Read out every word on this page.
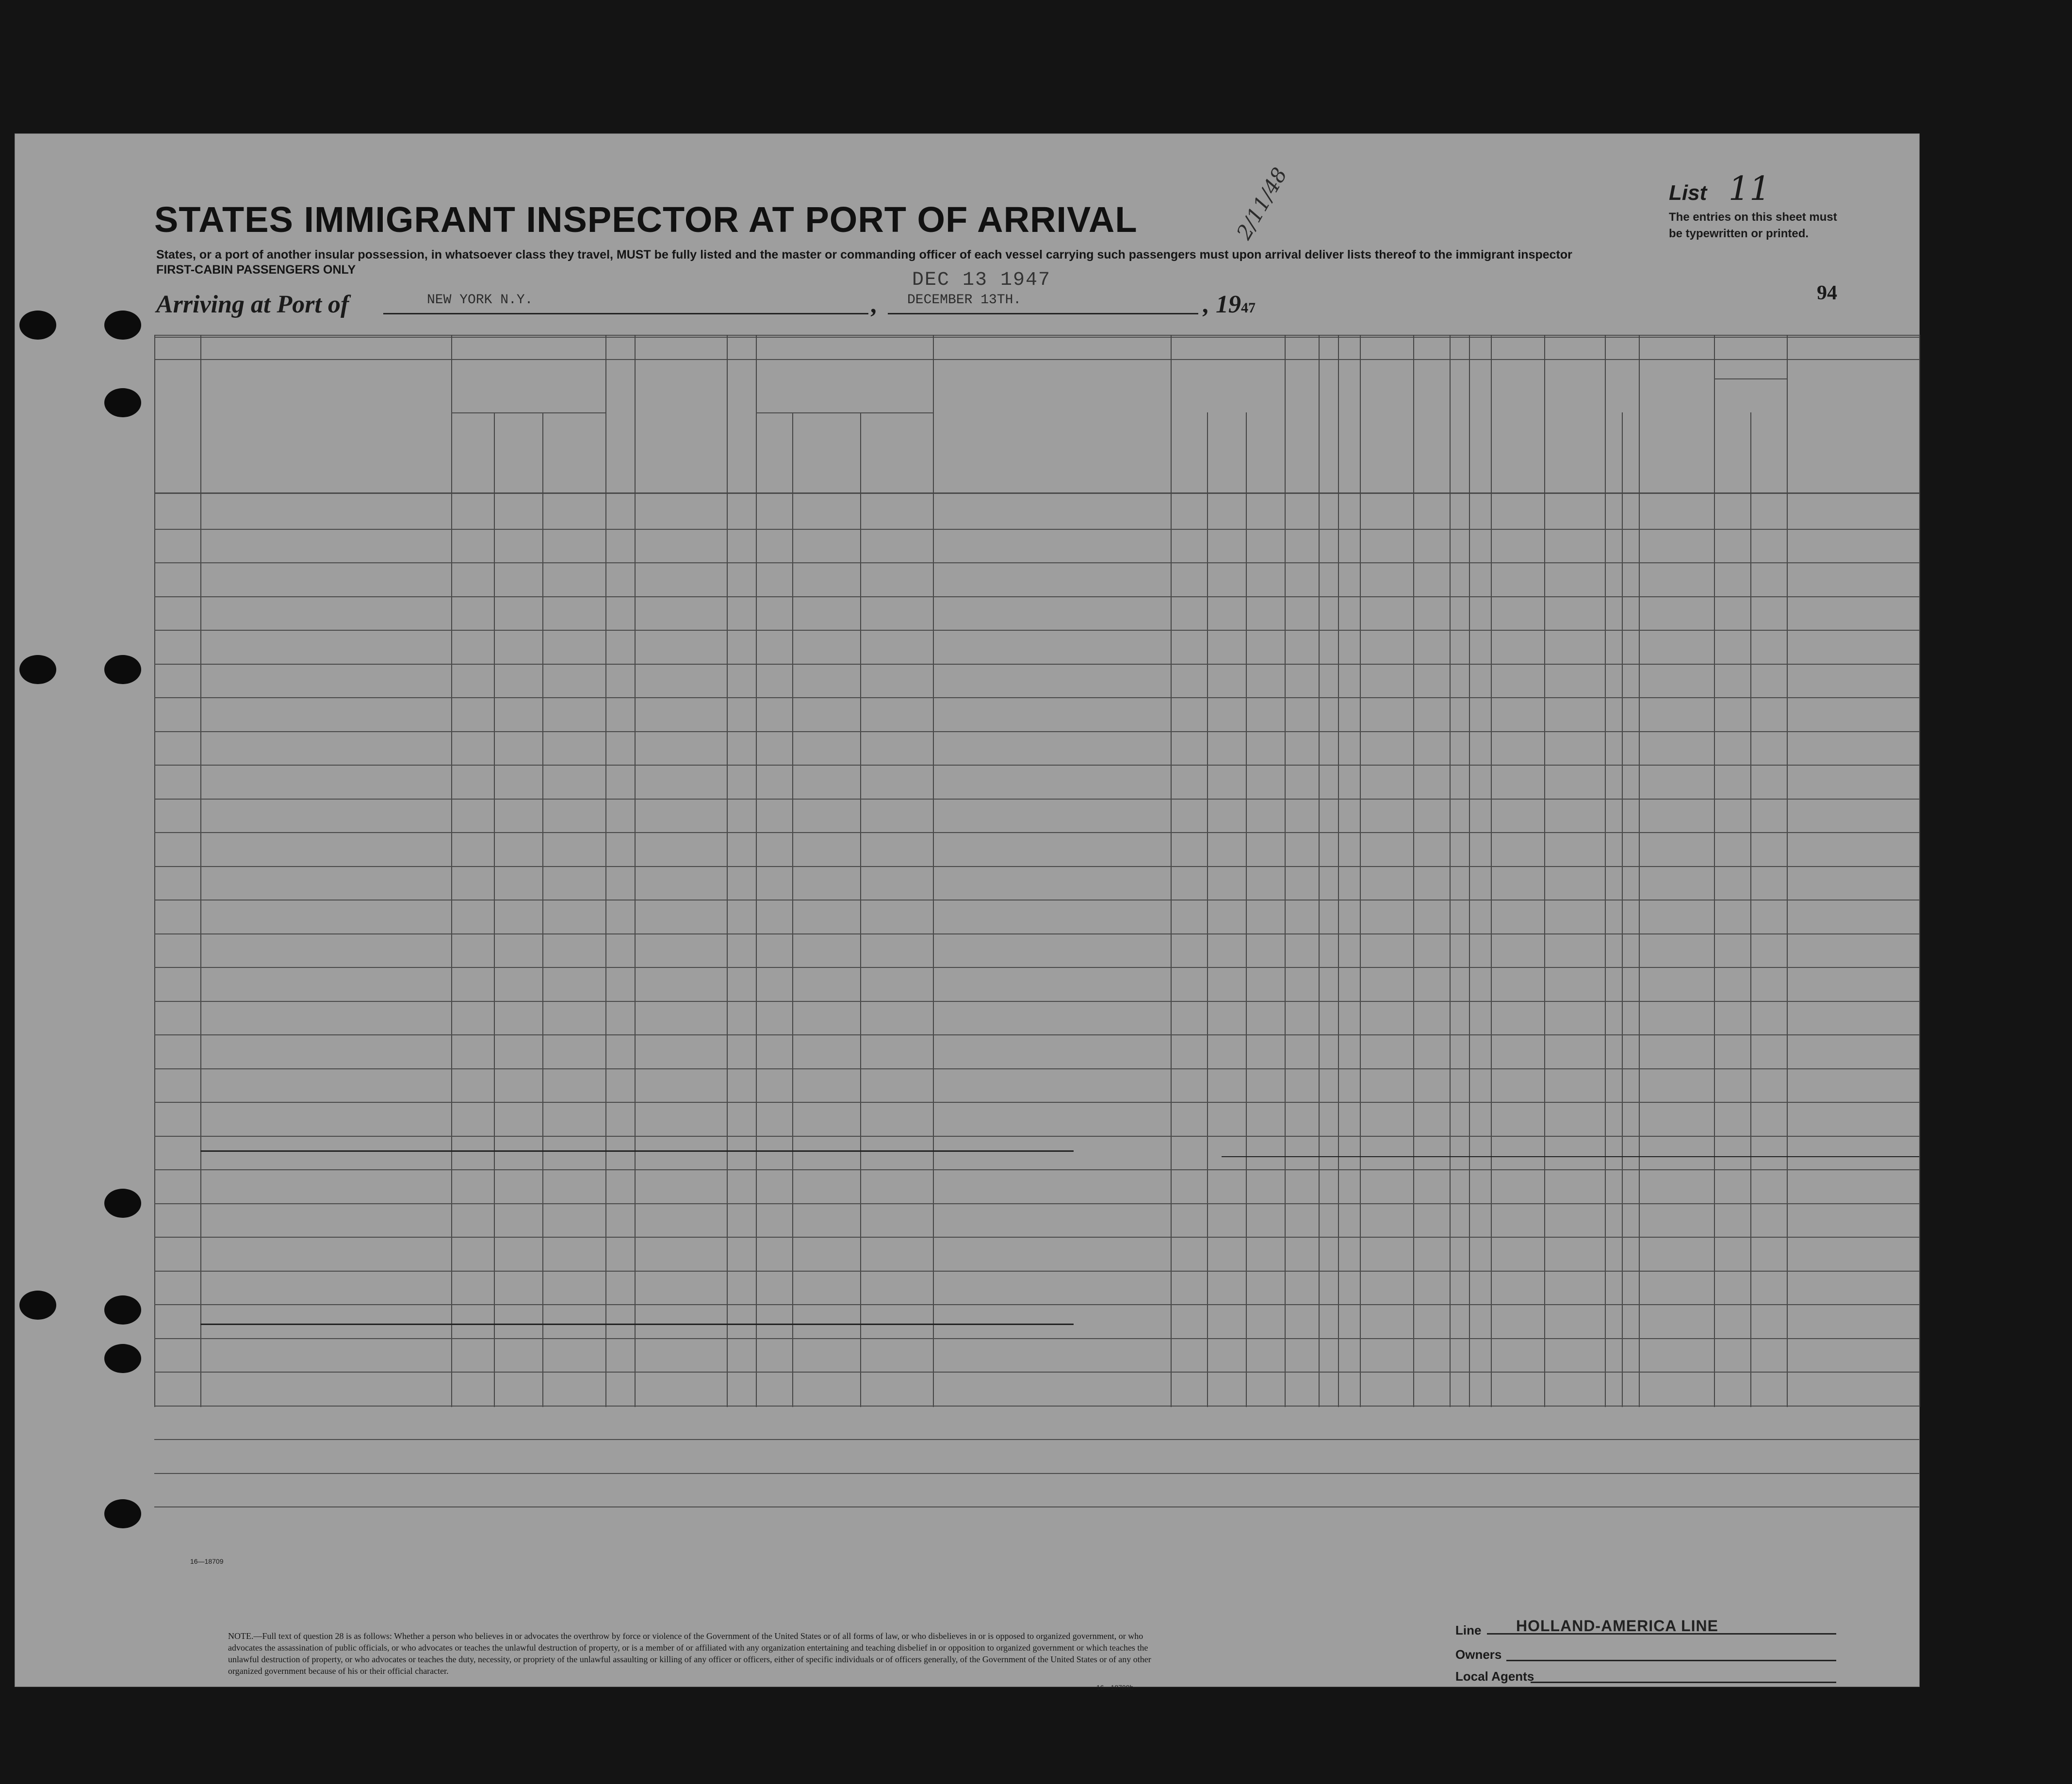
STATES IMMIGRANT INSPECTOR AT PORT OF ARRIVAL	2/11/48
States, or a port of another insular possession, in whatsoever class they travel, MUST be fully listed and the master or commanding officer of each vessel carrying such passengers must upon arrival deliver lists thereof to the immigrant inspector
FIRST-CABIN PASSENGERS ONLY
List 11
The entries on this sheet must
be typewritten or printed.
DEC 13 1947
Arriving at Port of	NEW YORK N.Y.	,	DECEMBER 13TH.	, 1947
94
NOTE.—Full text of question 28 is as follows: Whether a person who believes in or advocates the overthrow by force or violence of the Government of the United States or of all forms of law, or who disbelieves in or is opposed to organized government, or who advocates the assassination of public officials, or who advocates or teaches the unlawful destruction of property, or is a member of or affiliated with any organization entertaining and teaching disbelief in or opposition to organized government or which teaches the unlawful destruction of property, or who advocates or teaches the duty, necessity, or propriety of the unlawful assaulting or killing of any officer or officers, either of specific individuals or of officers generally, of the Government of the United States or of any other organized government because of his or their official character.
16—18709
16—18709b
Line HOLLAND-AMERICA LINE
Owners
Local Agents
